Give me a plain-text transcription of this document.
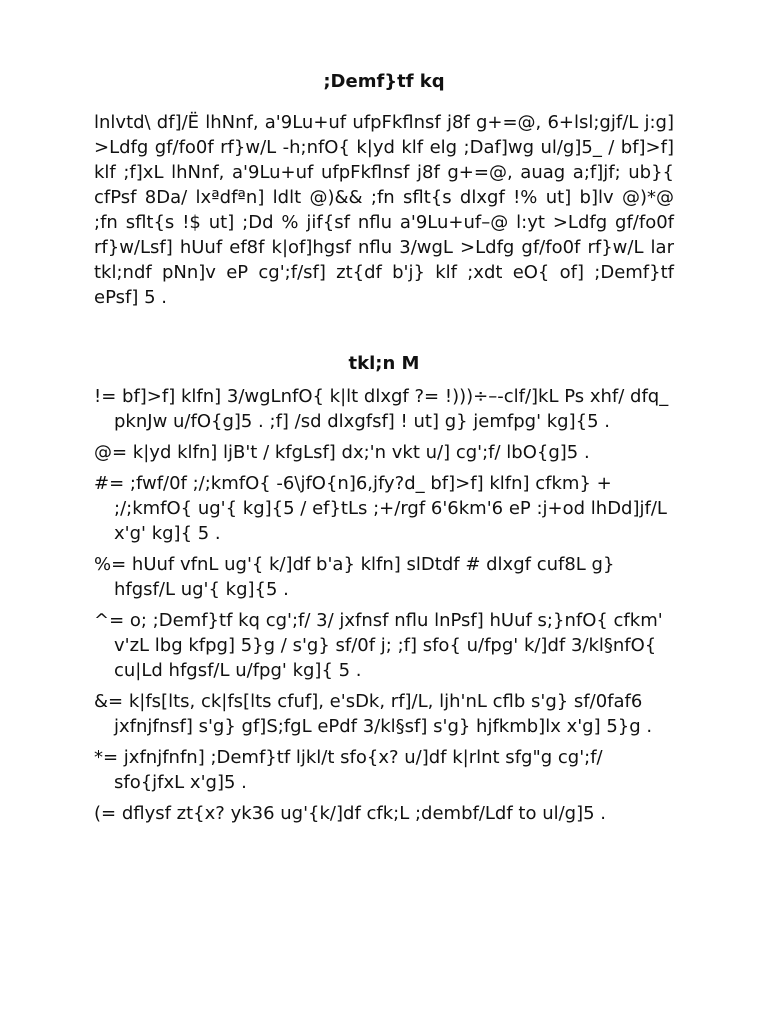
;Demf}tf kq

lnlvtd\ df]/Ë lhNnf, a'9Lu+uf ufpFkflnsf j8f g+=@, 6+lsl;gjf/L j:g] >Ldfg gf/fo0f rf}w/L -h;nfO{ k|yd klf elg ;Daf]wg ul/g]5_ / bf]>f] klf ;f]xL lhNnf, a'9Lu+uf ufpFkflnsf j8f g+=@, auag a;f]jf; ub}{ cfPsf 8Da/ lxªdfªn] ldlt @)&& ;fn sflt{s dlxgf !% ut] b]lv @)*@ ;fn sflt{s !$ ut] ;Dd % jif{sf nflu a'9Lu+uf–@ l:yt >Ldfg gf/fo0f rf}w/Lsf] hUuf ef8f k|of]hgsf nflu 3/wgL >Ldfg gf/fo0f rf}w/L lar tkl;ndf pNn]v eP cg';f/sf] zt{df b'j} klf ;xdt eO{ of] ;Demf}tf ePsf] 5 .

tkl;n M
!= bf]>f] klfn] 3/wgLnfO{ k|lt dlxgf ?= !)))÷–-clf/]kL Ps xhf/ dfq_ pknJw u/fO{g]5 . ;f] /sd dlxgfsf] ! ut] g} jemfpg' kg]{5 .
@= k|yd klfn] ljB't / kfgLsf] dx;'n vkt u/] cg';f/ lbO{g]5 .
#= ;fwf/0f ;/;kmfO{ -6\jfO{n]6,jfy?d_ bf]>f] klfn] cfkm} + ;/;kmfO{ ug'{ kg]{5 / ef}tLs ;+/rgf 6'6km'6 eP :j+od lhDd]jf/L x'g' kg]{ 5 .
%= hUuf vfnL ug'{ k/]df b'a} klfn] slDtdf # dlxgf cuf8L g} hfgsf/L ug'{ kg]{5 .
^= o; ;Demf}tf kq cg';f/ 3/ jxfnsf nflu lnPsf] hUuf s;}nfO{ cfkm' v'zL lbg kfpg] 5}g / s'g} sf/0f j; ;f] sfo{ u/fpg' k/]df 3/kl§nfO{ cu|Ld hfgsf/L u/fpg' kg]{ 5 .
&= k|fs[lts, ck|fs[lts cfuf], e'sDk, rf]/L, ljh'nL cflb s'g} sf/0faf6 jxfnjfnsf] s'g} gf]S;fgL ePdf 3/kl§sf] s'g} hjfkmb]lx x'g] 5}g .
*= jxfnjfnfn] ;Demf}tf ljkl/t sfo{x? u/]df k|rlnt sfg"g cg';f/ sfo{jfxL x'g]5 .
(= dflysf zt{x? yk36 ug'{k/]df cfk;L ;dembf/Ldf to ul/g]5 .
